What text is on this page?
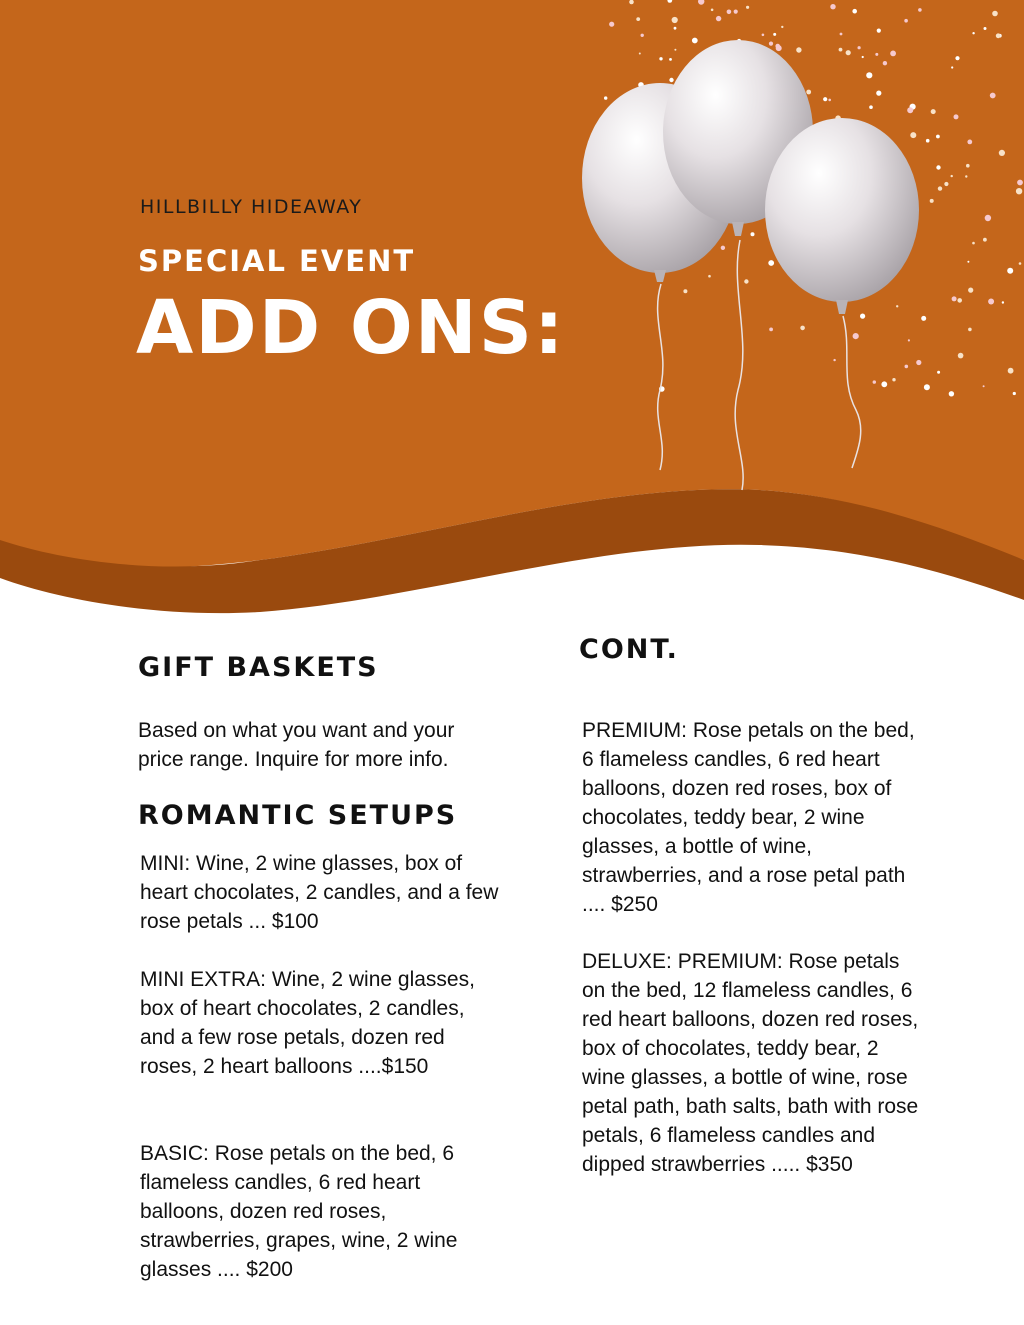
HILLBILLY HIDEAWAY

SPECIAL EVENT
ADD ONS:
GIFT BASKETS

Based on what you want and your price range. Inquire for more info.

ROMANTIC SETUPS

MINI: Wine, 2 wine glasses, box of heart chocolates, 2 candles, and a few rose petals ... $100

MINI EXTRA: Wine, 2 wine glasses, box of heart chocolates, 2 candles, and a few rose petals, dozen red roses, 2 heart balloons ....$150

BASIC: Rose petals on the bed, 6 flameless candles, 6 red heart balloons, dozen red roses, strawberries, grapes, wine, 2 wine glasses .... $200

CONT.

PREMIUM: Rose petals on the bed, 6 flameless candles, 6 red heart balloons, dozen red roses, box of chocolates, teddy bear, 2 wine glasses, a bottle of wine, strawberries, and a rose petal path .... $250

DELUXE: PREMIUM: Rose petals on the bed, 12 flameless candles, 6 red heart balloons, dozen red roses, box of chocolates, teddy bear, 2 wine glasses, a bottle of wine, rose petal path, bath salts, bath with rose petals, 6 flameless candles and dipped strawberries ..... $350
